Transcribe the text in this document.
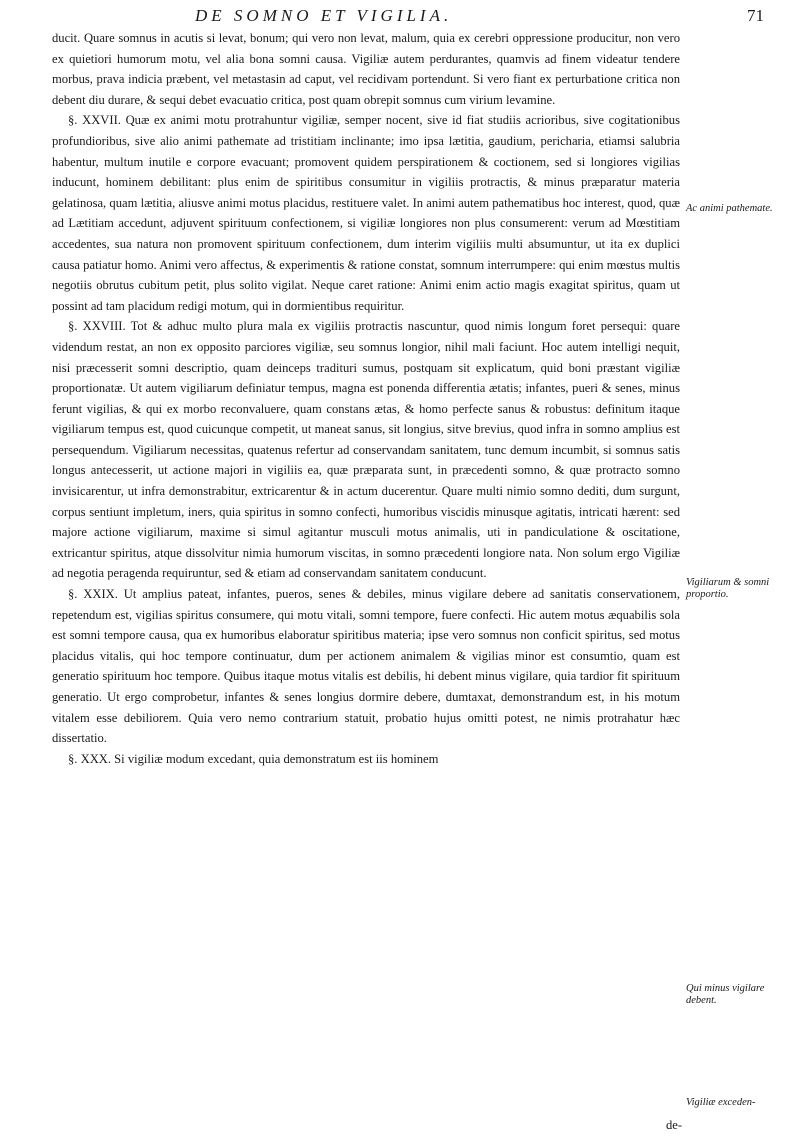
DE SOMNO ET VIGILIA.	71

ducit. Quare somnus in acutis si levat, bonum; qui vero non levat, malum, quia ex cerebri oppressione producitur, non vero ex quietiori humorum motu, vel alia bona somni causa. Vigiliæ autem perdurantes, quamvis ad finem videatur tendere morbus, prava indicia præbent, vel metastasin ad caput, vel recidivam portendunt. Si vero fiant ex perturbatione critica non debent diu durare, & sequi debet evacuatio critica, post quam obrepit somnus cum virium levamine.

§. XXVII. Quæ ex animi motu protrahuntur vigiliæ, semper nocent, sive id fiat studiis acrioribus, sive cogitationibus profundioribus, sive alio animi pathemate ad tristitiam inclinante; imo ipsa lætitia, gaudium, pericharia, etiamsi salubria habentur, multum inutile e corpore evacuant; promovent quidem perspirationem & coctionem, sed si longiores vigilias inducunt, hominem debilitant: plus enim de spiritibus consumitur in vigiliis protractis, & minus præparatur materia gelatinosa, quam lætitia, aliusve animi motus placidus, restituere valet. In animi autem pathematibus hoc interest, quod, quæ ad Lætitiam accedunt, adjuvent spirituum confectionem, si vigiliæ longiores non plus consumerent: verum ad Mœstitiam accedentes, sua natura non promovent spirituum confectionem, dum interim vigiliis multi absumuntur, ut ita ex duplici causa patiatur homo. Animi vero affectus, & experimentis & ratione constat, somnum interrumpere: qui enim mœstus multis negotiis obrutus cubitum petit, plus solito vigilat. Neque caret ratione: Animi enim actio magis exagitat spiritus, quam ut possint ad tam placidum redigi motum, qui in dormientibus requiritur.

§. XXVIII. Tot & adhuc multo plura mala ex vigiliis protractis nascuntur, quod nimis longum foret persequi: quare videndum restat, an non ex opposito parciores vigiliæ, seu somnus longior, nihil mali faciunt. Hoc autem intelligi nequit, nisi præcesserit somni descriptio, quam deinceps tradituri sumus, postquam sit explicatum, quid boni præstant vigiliæ proportionatæ. Ut autem vigiliarum definiatur tempus, magna est ponenda differentia ætatis; infantes, pueri & senes, minus ferunt vigilias, & qui ex morbo reconvaluere, quam constans ætas, & homo perfecte sanus & robustus: definitum itaque vigiliarum tempus est, quod cuicunque competit, ut maneat sanus, sit longius, sitve brevius, quod infra in somno amplius est persequendum. Vigiliarum necessitas, quatenus refertur ad conservandam sanitatem, tunc demum incumbit, si somnus satis longus antecesserit, ut actione majori in vigiliis ea, quæ præparata sunt, in præcedenti somno, & quæ protracto somno invisicarentur, ut infra demonstrabitur, extricarentur & in actum ducerentur. Quare multi nimio somno dediti, dum surgunt, corpus sentiunt impletum, iners, quia spiritus in somno confecti, humoribus viscidis minusque agitatis, intricati hærent: sed majore actione vigiliarum, maxime si simul agitantur musculi motus animalis, uti in pandiculatione & oscitatione, extricantur spiritus, atque dissolvitur nimia humorum viscitas, in somno præcedenti longiore nata. Non solum ergo Vigiliæ ad negotia peragenda requiruntur, sed & etiam ad conservandam sanitatem conducunt.

§. XXIX. Ut amplius pateat, infantes, pueros, senes & debiles, minus vigilare debere ad sanitatis conservationem, repetendum est, vigilias spiritus consumere, qui motu vitali, somni tempore, fuere confecti. Hic autem motus æquabilis sola est somni tempore causa, qua ex humoribus elaboratur spiritibus materia; ipse vero somnus non conficit spiritus, sed motus placidus vitalis, qui hoc tempore continuatur, dum per actionem animalem & vigilias minor est consumtio, quam est generatio spirituum hoc tempore. Quibus itaque motus vitalis est debilis, hi debent minus vigilare, quia tardior fit spirituum generatio. Ut ergo comprobetur, infantes & senes longius dormire debere, dumtaxat, demonstrandum est, in his motum vitalem esse debiliorem. Quia vero nemo contrarium statuit, probatio hujus omitti potest, ne nimis protrahatur hæc dissertatio.

§. XXX. Si vigiliæ modum excedant, quia demonstratum est iis hominem

Ac animi pathemate.
Vigiliarum & somni proportio.
Qui minus vigilare debent.
Vigiliæ exceden-
de-
